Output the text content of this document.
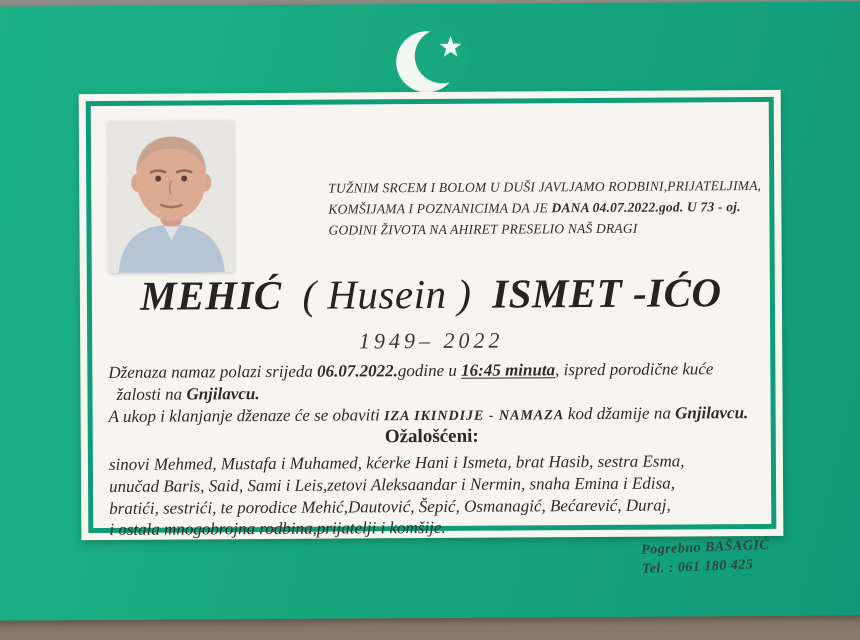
TUŽNIM SRCEM I BOLOM U DUŠI JAVLJAMO RODBINI,PRIJATELJIMA,
KOMŠIJAMA I POZNANICIMA DA JE DANA 04.07.2022.god. U 73 - oj.
GODINI ŽIVOTA NA AHIRET PRESELIO NAŠ DRAGI
MEHIĆ ( Husein ) ISMET -IĆO
1949– 2022
Dženaza namaz polazi srijeda 06.07.2022.godine u 16:45 minuta, ispred porodične kuće
žalosti na Gnjilavcu.
A ukop i klanjanje dženaze će se obaviti IZA IKINDIJE - NAMAZA kod džamije na Gnjilavcu.
Ožalošćeni:
sinovi Mehmed, Mustafa i Muhamed, kćerke Hani i Ismeta, brat Hasib, sestra Esma,
unučad Baris, Said, Sami i Leis,zetovi Aleksaandar i Nermin, snaha Emina i Edisa,
bratići, sestrići, te porodice Mehić,Dautović, Šepić, Osmanagić, Bećarević, Duraj,
i ostala mnogobrojna rodbina,prijatelji i komšije.
Pogrebno BAŠAGIĆ
Tel. : 061 180 425
